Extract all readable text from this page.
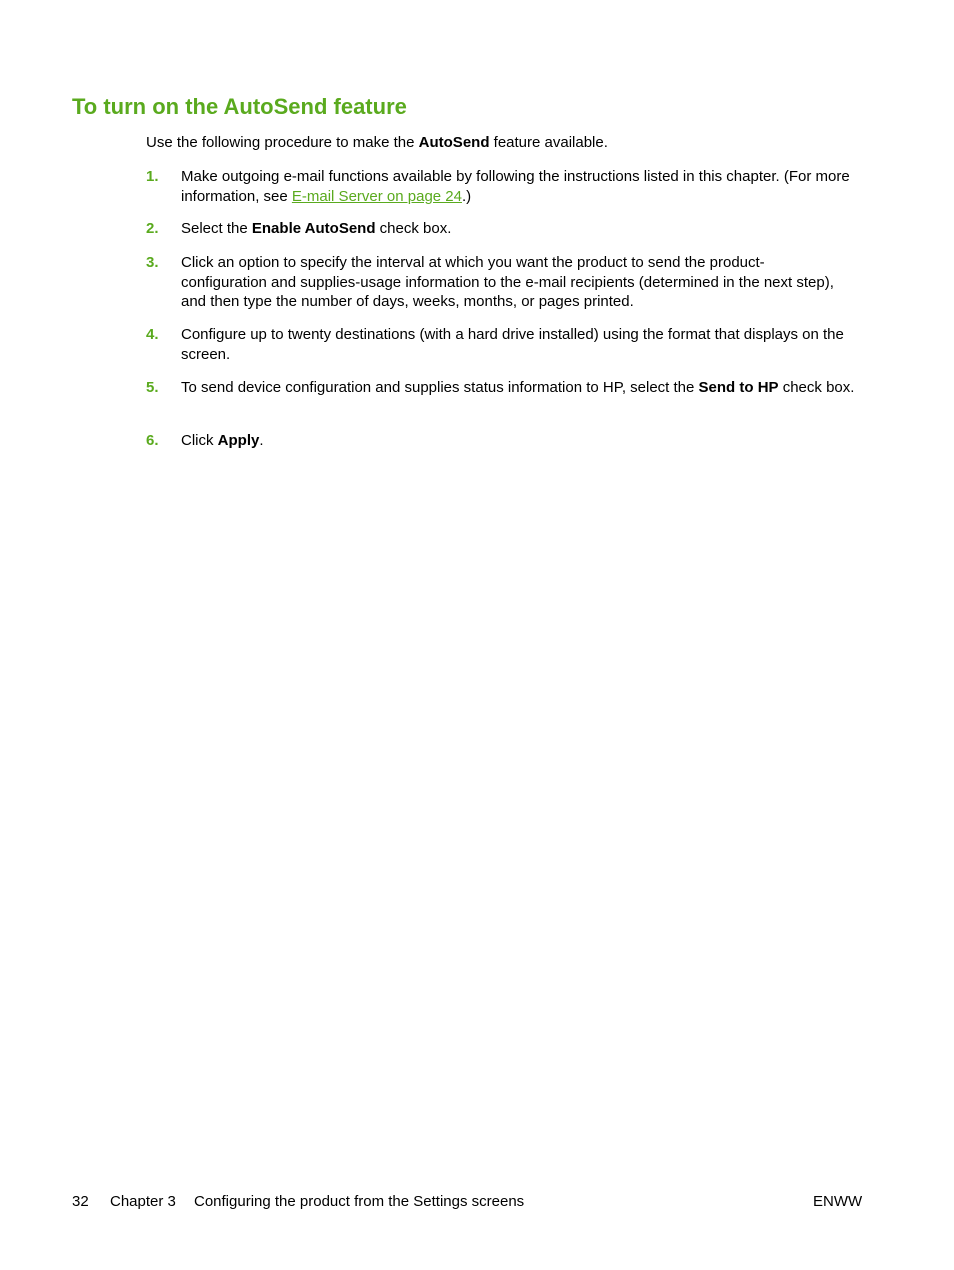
To turn on the AutoSend feature

Use the following procedure to make the AutoSend feature available.

1. Make outgoing e-mail functions available by following the instructions listed in this chapter. (For more information, see E-mail Server on page 24.)
2. Select the Enable AutoSend check box.
3. Click an option to specify the interval at which you want the product to send the product-
configuration and supplies-usage information to the e-mail recipients (determined in the next step),
and then type the number of days, weeks, months, or pages printed.
4. Configure up to twenty destinations (with a hard drive installed) using the format that displays on the screen.
5. To send device configuration and supplies status information to HP, select the Send to HP check box.
6. Click Apply.
32 Chapter 3 Configuring the product from the Settings screens	ENWW
